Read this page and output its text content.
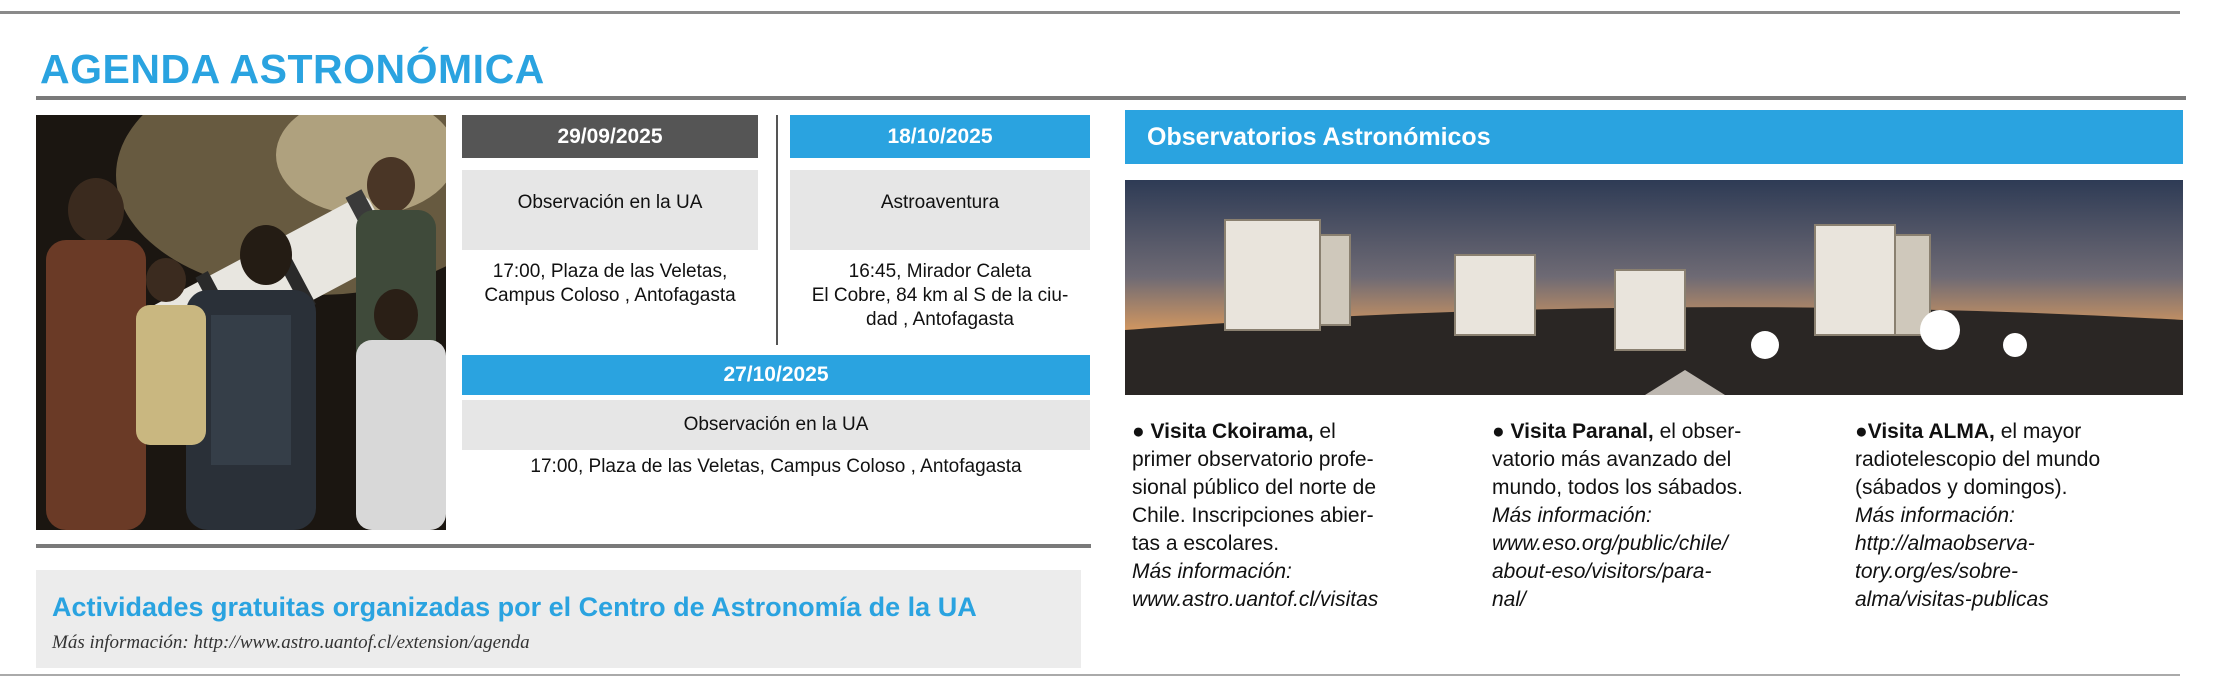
AGENDA ASTRONÓMICA
29/09/2025
Observación en la UA
17:00, Plaza de las Veletas,
Campus Coloso , Antofagasta
18/10/2025
Astroaventura
16:45, Mirador Caleta
El Cobre, 84 km al S de la ciu-
dad , Antofagasta
27/10/2025
Observación en la UA
17:00, Plaza de las Veletas, Campus Coloso , Antofagasta
Observatorios Astronómicos
● Visita Ckoirama, el
primer observatorio profe-
sional público del norte de
Chile. Inscripciones abier-
tas a escolares.
Más información:
www.astro.uantof.cl/visitas
● Visita Paranal, el obser-
vatorio más avanzado del
mundo, todos los sábados.
Más información:
www.eso.org/public/chile/
about-eso/visitors/para-
nal/
●Visita ALMA, el mayor
radiotelescopio del mundo
(sábados y domingos).
Más información:
http://almaobserva-
tory.org/es/sobre-
alma/visitas-publicas
Actividades gratuitas organizadas por el Centro de Astronomía de la UA
Más información: http://www.astro.uantof.cl/extension/agenda
